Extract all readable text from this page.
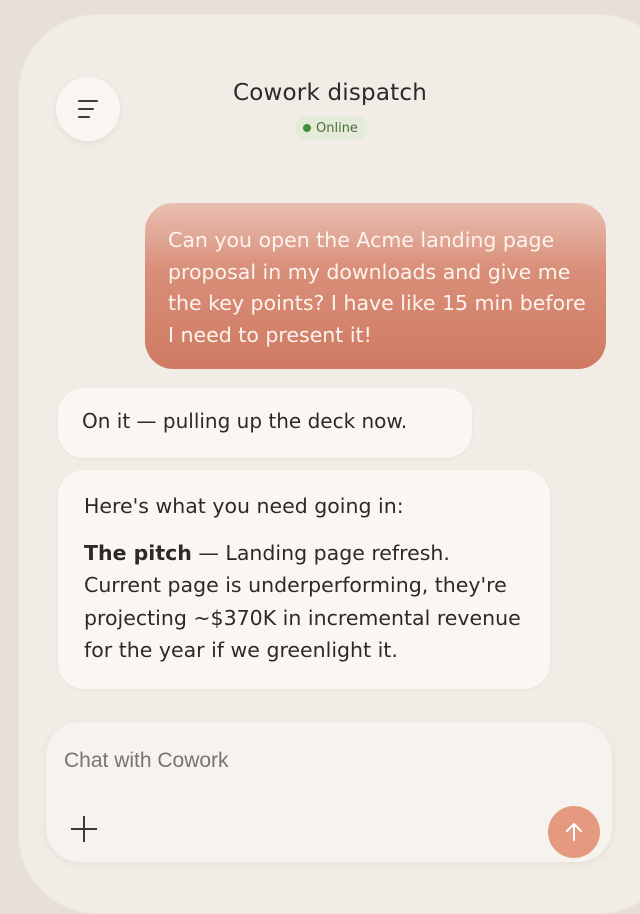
Cowork dispatch
Online
Can you open the Acme landing page proposal in my downloads and give me the key points? I have like 15 min before I need to present it!
On it — pulling up the deck now.
Here's what you need going in:
The pitch — Landing page refresh. Current page is underperforming, they're projecting ~$370K in incremental revenue for the year if we greenlight it.
Chat with Cowork
